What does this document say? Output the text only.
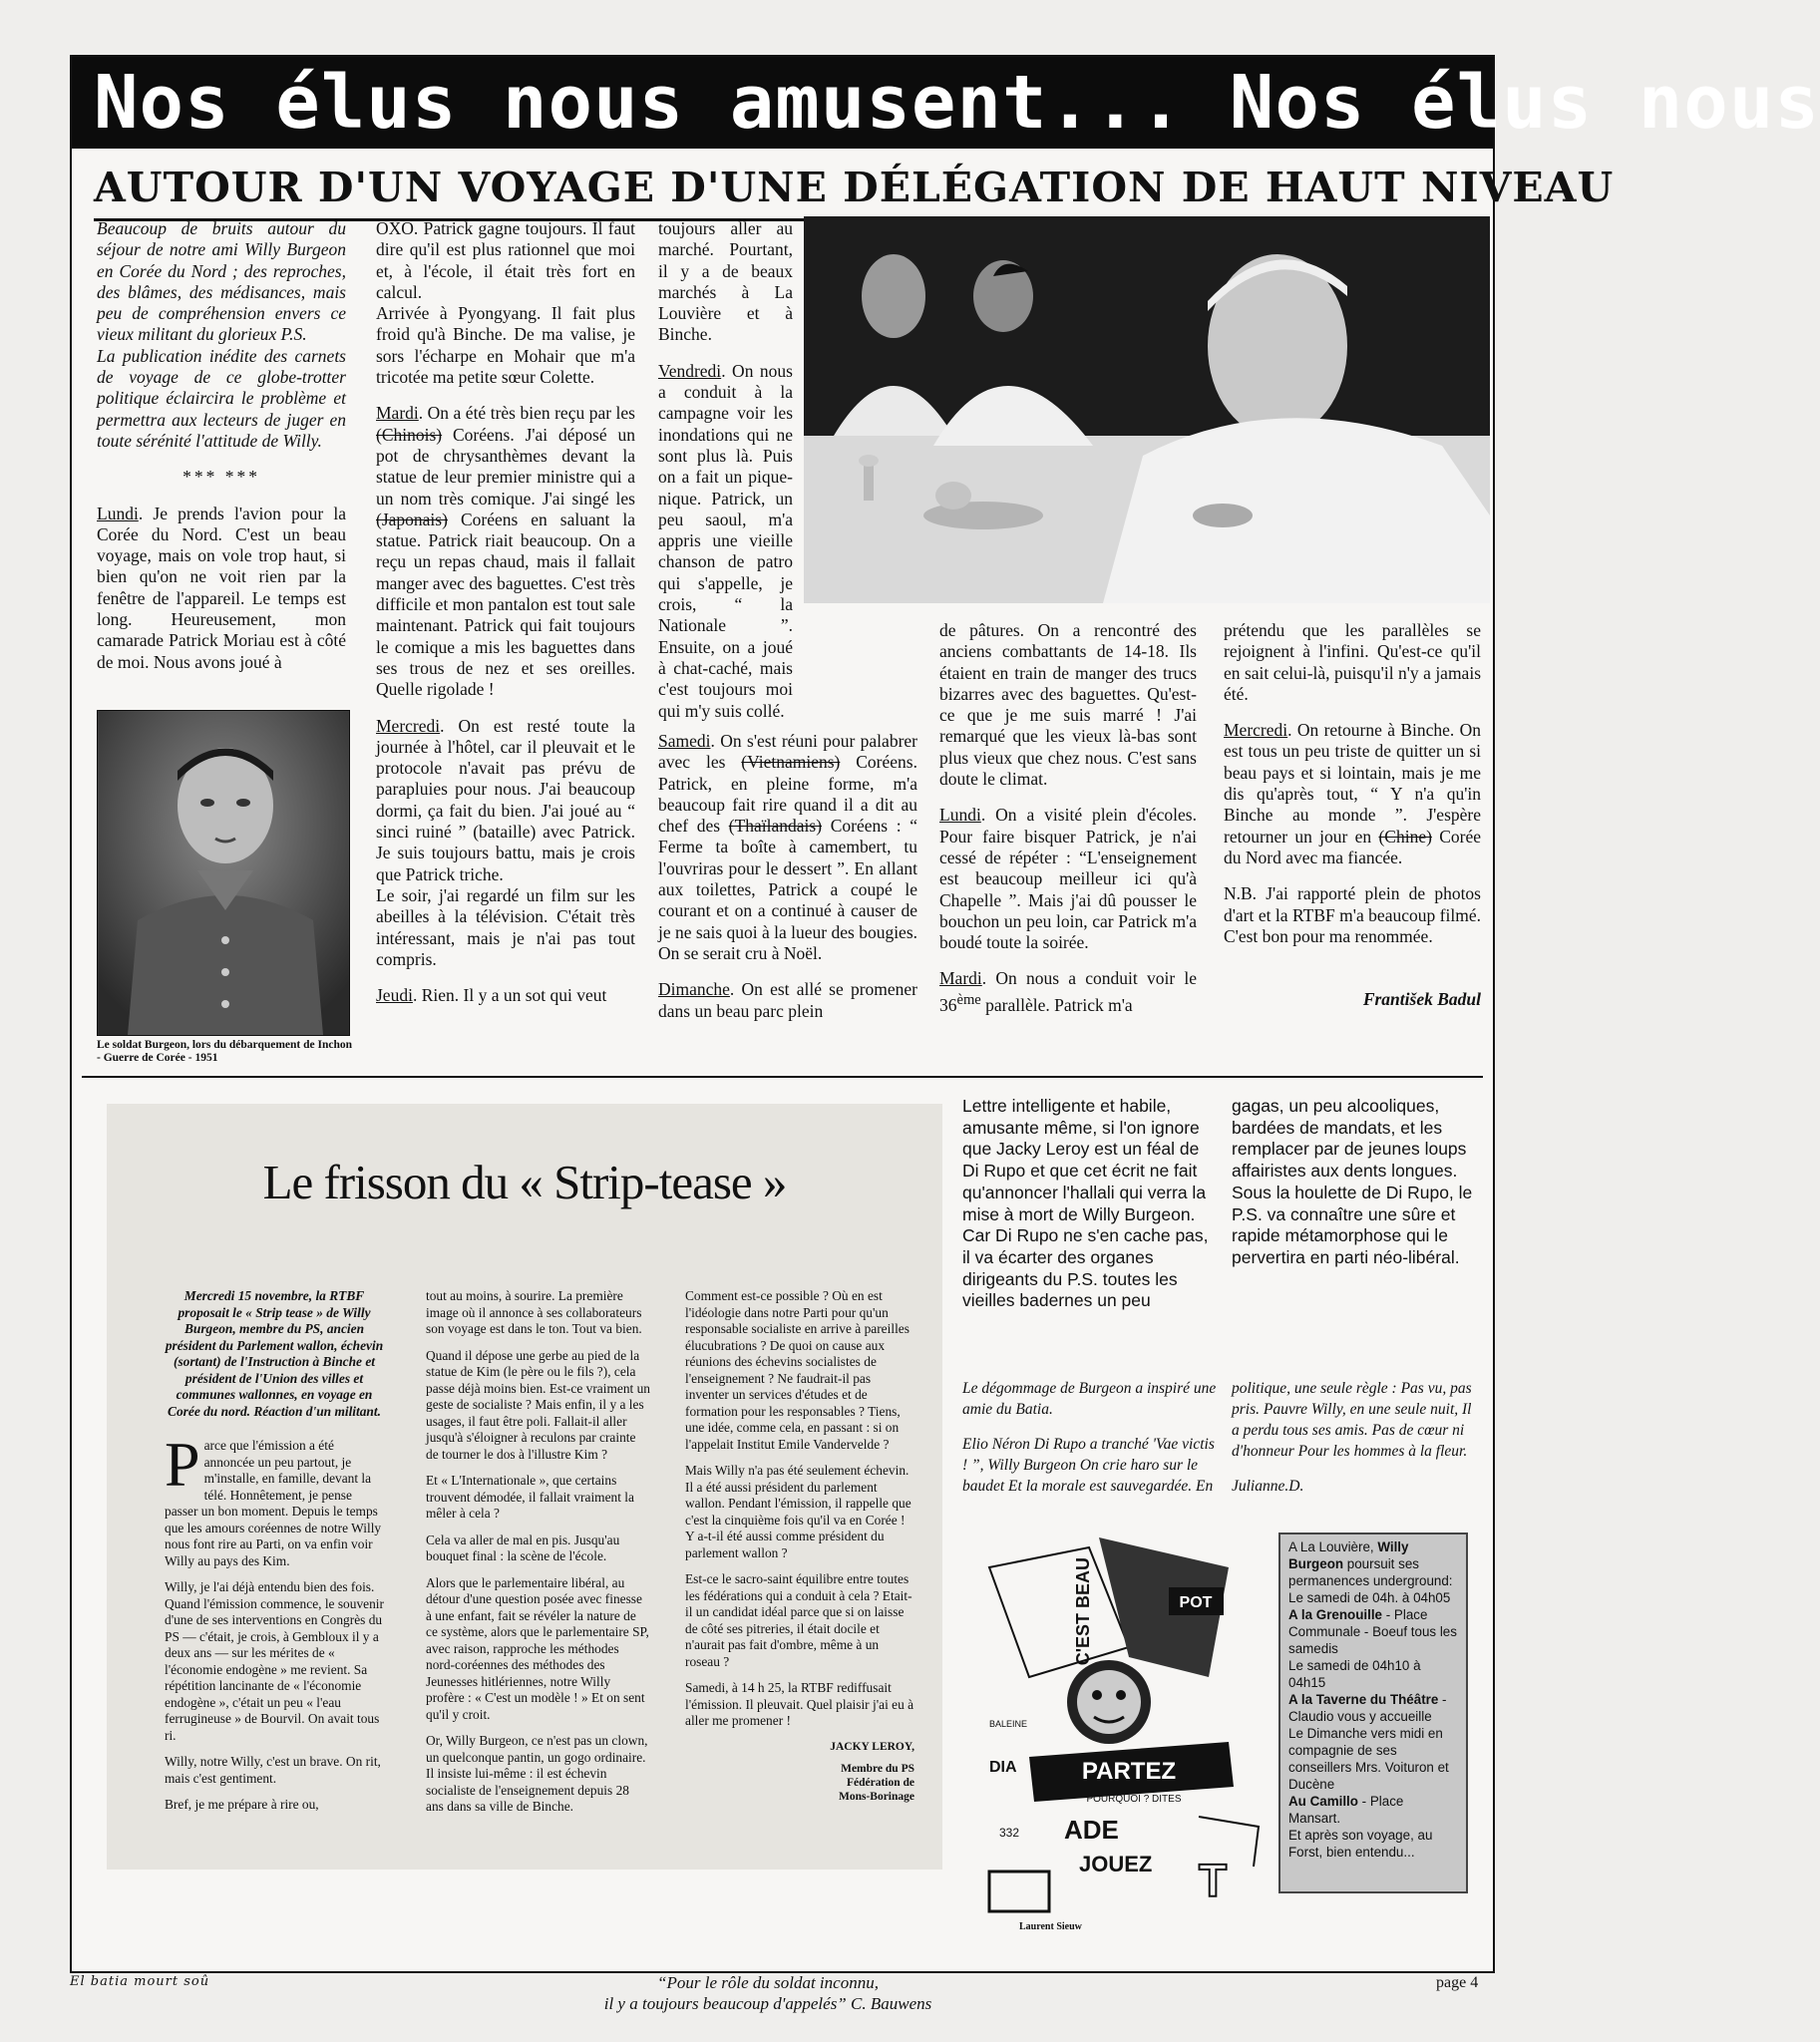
Nos élus nous amusent... Nos élus nous
AUTOUR D'UN VOYAGE D'UNE DÉLÉGATION DE HAUT NIVEAU

Beaucoup de bruits autour du séjour de notre ami Willy Burgeon en Corée du Nord ; des reproches, des blâmes, des médisances, mais peu de compréhension envers ce vieux militant du glorieux P.S.

La publication inédite des carnets de voyage de ce globe-trotter politique éclaircira le problème et permettra aux lecteurs de juger en toute sérénité l'attitude de Willy.

*** ***

Lundi. Je prends l'avion pour la Corée du Nord. C'est un beau voyage, mais on vole trop haut, si bien qu'on ne voit rien par la fenêtre de l'appareil. Le temps est long. Heureusement, mon camarade Patrick Moriau est à côté de moi. Nous avons joué à

Le soldat Burgeon, lors du débarquement de Inchon - Guerre de Corée - 1951

OXO. Patrick gagne toujours. Il faut dire qu'il est plus rationnel que moi et, à l'école, il était très fort en calcul.

Arrivée à Pyongyang. Il fait plus froid qu'à Binche. De ma valise, je sors l'écharpe en Mohair que m'a tricotée ma petite sœur Colette.

Mardi. On a été très bien reçu par les (Chinois) Coréens. J'ai déposé un pot de chrysanthèmes devant la statue de leur premier ministre qui a un nom très comique. J'ai singé les (Japonais) Coréens en saluant la statue. Patrick riait beaucoup. On a reçu un repas chaud, mais il fallait manger avec des baguettes. C'est très difficile et mon pantalon est tout sale maintenant. Patrick qui fait toujours le comique a mis les baguettes dans ses trous de nez et ses oreilles. Quelle rigolade !

Mercredi. On est resté toute la journée à l'hôtel, car il pleuvait et le protocole n'avait pas prévu de parapluies pour nous. J'ai beaucoup dormi, ça fait du bien. J'ai joué au “ sinci ruiné ” (bataille) avec Patrick. Je suis toujours battu, mais je crois que Patrick triche.

Le soir, j'ai regardé un film sur les abeilles à la télévision. C'était très intéressant, mais je n'ai pas tout compris.

Jeudi. Rien. Il y a un sot qui veut

toujours aller au marché. Pourtant, il y a de beaux marchés à La Louvière et à Binche.

Vendredi. On nous a conduit à la campagne voir les inondations qui ne sont plus là. Puis on a fait un pique-nique. Patrick, un peu saoul, m'a appris une vieille chanson de patro qui s'appelle, je crois, “ la Nationale ”. Ensuite, on a joué à chat-caché, mais c'est toujours moi qui m'y suis collé.

Samedi. On s'est réuni pour palabrer avec les (Vietnamiens) Coréens. Patrick, en pleine forme, m'a beaucoup fait rire quand il a dit au chef des (Thaïlandais) Coréens : “ Ferme ta boîte à camembert, tu l'ouvriras pour le dessert ”. En allant aux toilettes, Patrick a coupé le courant et on a continué à causer de je ne sais quoi à la lueur des bougies. On se serait cru à Noël.

Dimanche. On est allé se promener dans un beau parc plein

de pâtures. On a rencontré des anciens combattants de 14-18. Ils étaient en train de manger des trucs bizarres avec des baguettes. Qu'est-ce que je me suis marré ! J'ai remarqué que les vieux là-bas sont plus vieux que chez nous. C'est sans doute le climat.

Lundi. On a visité plein d'écoles. Pour faire bisquer Patrick, je n'ai cessé de répéter : “L'enseignement est beaucoup meilleur ici qu'à Chapelle ”. Mais j'ai dû pousser le bouchon un peu loin, car Patrick m'a boudé toute la soirée.

Mardi. On nous a conduit voir le 36ème parallèle. Patrick m'a

prétendu que les parallèles se rejoignent à l'infini. Qu'est-ce qu'il en sait celui-là, puisqu'il n'y a jamais été.

Mercredi. On retourne à Binche. On est tous un peu triste de quitter un si beau pays et si lointain, mais je me dis qu'après tout, “ Y n'a qu'in Binche au monde ”. J'espère retourner un jour en (Chine) Corée du Nord avec ma fiancée.

N.B. J'ai rapporté plein de photos d'art et la RTBF m'a beaucoup filmé. C'est bon pour ma renommée.

František Badul

Le frisson du « Strip-tease »

Mercredi 15 novembre, la RTBF proposait le « Strip tease » de Willy Burgeon, membre du PS, ancien président du Parlement wallon, échevin (sortant) de l'Instruction à Binche et président de l'Union des villes et communes wallonnes, en voyage en Corée du nord. Réaction d'un militant.

Parce que l'émission a été annoncée un peu partout, je m'installe, en famille, devant la télé. Honnêtement, je pense passer un bon moment. Depuis le temps que les amours coréennes de notre Willy nous font rire au Parti, on va enfin voir Willy au pays des Kim.

Willy, je l'ai déjà entendu bien des fois. Quand l'émission commence, le souvenir d'une de ses interventions en Congrès du PS — c'était, je crois, à Gembloux il y a deux ans — sur les mérites de « l'économie endogène » me revient. Sa répétition lancinante de « l'économie endogène », c'était un peu « l'eau ferrugineuse » de Bourvil. On avait tous ri.

Willy, notre Willy, c'est un brave. On rit, mais c'est gentiment.

Bref, je me prépare à rire ou,

tout au moins, à sourire. La première image où il annonce à ses collaborateurs son voyage est dans le ton. Tout va bien.

Quand il dépose une gerbe au pied de la statue de Kim (le père ou le fils ?), cela passe déjà moins bien. Est-ce vraiment un geste de socialiste ? Mais enfin, il y a les usages, il faut être poli. Fallait-il aller jusqu'à s'éloigner à reculons par crainte de tourner le dos à l'illustre Kim ?

Et « L'Internationale », que certains trouvent démodée, il fallait vraiment la mêler à cela ?

Cela va aller de mal en pis. Jusqu'au bouquet final : la scène de l'école.

Alors que le parlementaire libéral, au détour d'une question posée avec finesse à une enfant, fait se révéler la nature de ce système, alors que le parlementaire SP, avec raison, rapproche les méthodes nord-coréennes des méthodes des Jeunesses hitlériennes, notre Willy profère : « C'est un modèle ! » Et on sent qu'il y croit.

Or, Willy Burgeon, ce n'est pas un clown, un quelconque pantin, un gogo ordinaire. Il insiste lui-même : il est échevin socialiste de l'enseignement depuis 28 ans dans sa ville de Binche.

Comment est-ce possible ? Où en est l'idéologie dans notre Parti pour qu'un responsable socialiste en arrive à pareilles élucubrations ? De quoi on cause aux réunions des échevins socialistes de l'enseignement ? Ne faudrait-il pas inventer un services d'études et de formation pour les responsables ? Tiens, une idée, comme cela, en passant : si on l'appelait Institut Emile Vandervelde ?

Mais Willy n'a pas été seulement échevin. Il a été aussi président du parlement wallon. Pendant l'émission, il rappelle que c'est la cinquième fois qu'il va en Corée ! Y a-t-il été aussi comme président du parlement wallon ?

Est-ce le sacro-saint équilibre entre toutes les fédérations qui a conduit à cela ? Etait-il un candidat idéal parce que si on laisse de côté ses pitreries, il était docile et n'aurait pas fait d'ombre, même à un roseau ?

Samedi, à 14 h 25, la RTBF rediffusait l'émission. Il pleuvait. Quel plaisir j'ai eu à aller me promener !

JACKY LEROY,
Membre du PS
Fédération de
Mons-Borinage
Lettre intelligente et habile, amusante même, si l'on ignore que Jacky Leroy est un féal de Di Rupo et que cet écrit ne fait qu'annoncer l'hallali qui verra la mise à mort de Willy Burgeon. Car Di Rupo ne s'en cache pas, il va écarter des organes dirigeants du P.S. toutes les vieilles badernes un peu
gagas, un peu alcooliques, bardées de mandats, et les remplacer par de jeunes loups affairistes aux dents longues. Sous la houlette de Di Rupo, le P.S. va connaître une sûre et rapide métamorphose qui le pervertira en parti néo-libéral.
Le dégommage de Burgeon a inspiré une amie du Batia.
Elio Néron Di Rupo a tranché 'Vae victis ! ”, Willy Burgeon On crie haro sur le baudet Et la morale est sauvegardée. En
politique, une seule règle : Pas vu, pas pris. Pauvre Willy, en une seule nuit, Il a perdu tous ses amis. Pas de cœur ni d'honneur Pour les hommes à la fleur.
Julianne.D.
C'EST BEAU	POT
PARTEZ
POURQUOI ? DITES
ADE
JOUEZ
DIA
BALEINE
332
T
Laurent Sieuw

A La Louvière, Willy Burgeon poursuit ses permanences underground:

Le samedi de 04h. à 04h05

A la Grenouille - Place Communale - Boeuf tous les samedis

Le samedi de 04h10 à 04h15

A la Taverne du Théâtre - Claudio vous y accueille

Le Dimanche vers midi en compagnie de ses conseillers Mrs. Voituron et Ducène

Au Camillo - Place Mansart.

Et après son voyage, au Forst, bien entendu...

El batia mourt soû	“Pour le rôle du soldat inconnu,
il y a toujours beaucoup d'appelés” C. Bauwens
page 4
